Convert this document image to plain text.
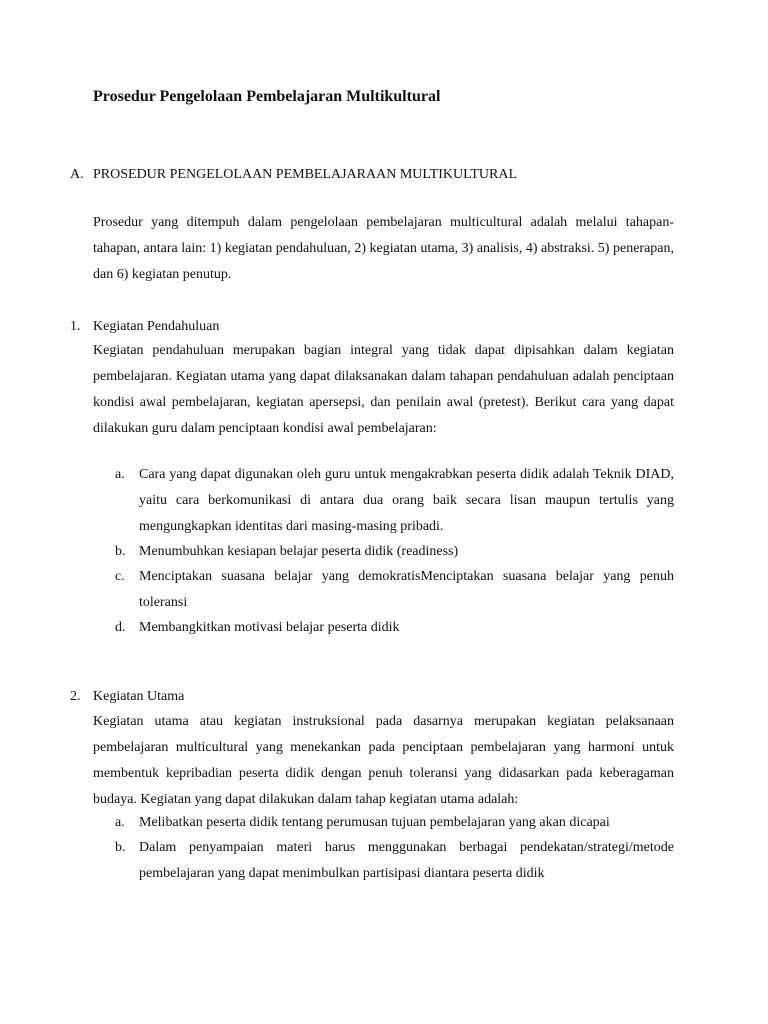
Prosedur Pengelolaan Pembelajaran Multikultural
A. PROSEDUR PENGELOLAAN PEMBELAJARAAN MULTIKULTURAL

Prosedur yang ditempuh dalam pengelolaan pembelajaran multicultural adalah melalui tahapan-tahapan, antara lain: 1) kegiatan pendahuluan, 2) kegiatan utama, 3) analisis, 4) abstraksi. 5) penerapan, dan 6) kegiatan penutup.

1. Kegiatan Pendahuluan

Kegiatan pendahuluan merupakan bagian integral yang tidak dapat dipisahkan dalam kegiatan pembelajaran. Kegiatan utama yang dapat dilaksanakan dalam tahapan pendahuluan adalah penciptaan kondisi awal pembelajaran, kegiatan apersepsi, dan penilain awal (pretest). Berikut cara yang dapat dilakukan guru dalam penciptaan kondisi awal pembelajaran:

a. Cara yang dapat digunakan oleh guru untuk mengakrabkan peserta didik adalah Teknik DIAD, yaitu cara berkomunikasi di antara dua orang baik secara lisan maupun tertulis yang mengungkapkan identitas dari masing-masing pribadi.

b. Menumbuhkan kesiapan belajar peserta didik (readiness)

c. Menciptakan suasana belajar yang demokratisMenciptakan suasana belajar yang penuh toleransi

d. Membangkitkan motivasi belajar peserta didik

2. Kegiatan Utama

Kegiatan utama atau kegiatan instruksional pada dasarnya merupakan kegiatan pelaksanaan pembelajaran multicultural yang menekankan pada penciptaan pembelajaran yang harmoni untuk membentuk kepribadian peserta didik dengan penuh toleransi yang didasarkan pada keberagaman budaya. Kegiatan yang dapat dilakukan dalam tahap kegiatan utama adalah:

a. Melibatkan peserta didik tentang perumusan tujuan pembelajaran yang akan dicapai

b. Dalam penyampaian materi harus menggunakan berbagai pendekatan/strategi/metode pembelajaran yang dapat menimbulkan partisipasi diantara peserta didik
